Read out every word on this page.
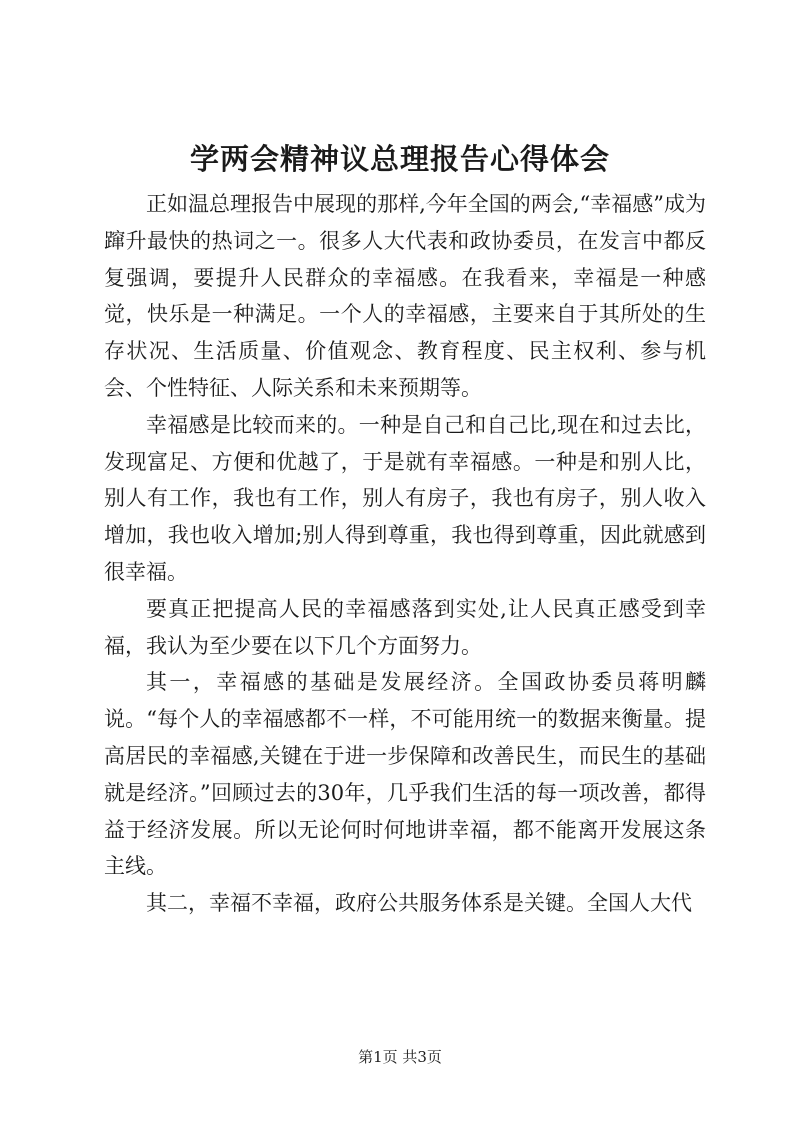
学两会精神议总理报告心得体会

正如温总理报告中展现的那样,今年全国的两会,“幸福感”成为蹿升最快的热词之一。很多人大代表和政协委员，在发言中都反复强调，要提升人民群众的幸福感。在我看来，幸福是一种感觉，快乐是一种满足。一个人的幸福感，主要来自于其所处的生存状况、生活质量、价值观念、教育程度、民主权利、参与机会、个性特征、人际关系和未来预期等。

幸福感是比较而来的。一种是自己和自己比,现在和过去比，发现富足、方便和优越了，于是就有幸福感。一种是和别人比，别人有工作，我也有工作，别人有房子，我也有房子，别人收入增加，我也收入增加;别人得到尊重，我也得到尊重，因此就感到很幸福。

要真正把提高人民的幸福感落到实处,让人民真正感受到幸福，我认为至少要在以下几个方面努力。

其一，幸福感的基础是发展经济。全国政协委员蒋明麟说。“每个人的幸福感都不一样，不可能用统一的数据来衡量。提高居民的幸福感,关键在于进一步保障和改善民生，而民生的基础就是经济。”回顾过去的30年，几乎我们生活的每一项改善，都得益于经济发展。所以无论何时何地讲幸福，都不能离开发展这条主线。

其二，幸福不幸福，政府公共服务体系是关键。全国人大代

第1页 共3页
